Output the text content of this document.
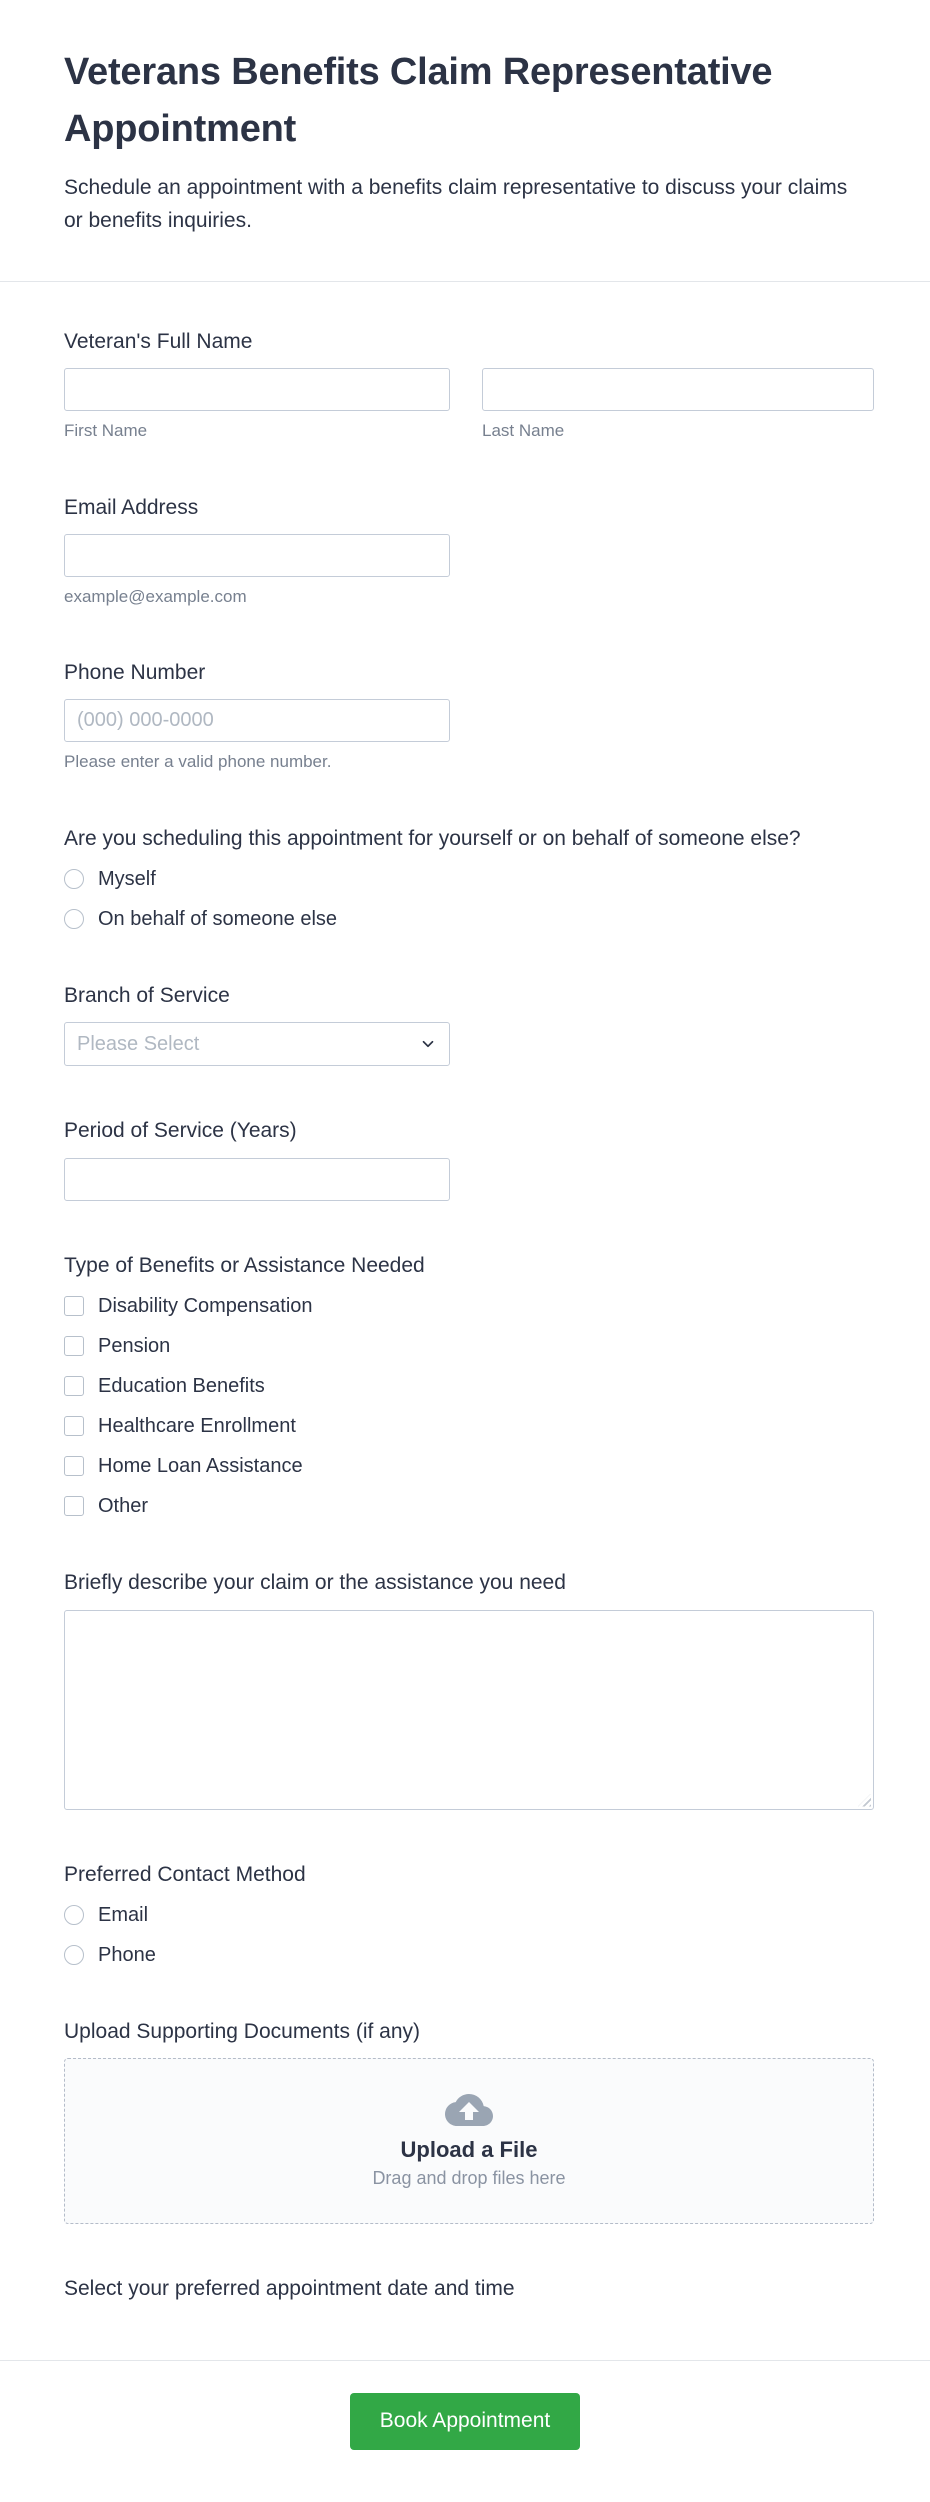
Veterans Benefits Claim Representative Appointment
Schedule an appointment with a benefits claim representative to discuss your claims or benefits inquiries.
Veteran's Full Name
First Name	Last Name
Email Address
example@example.com
Phone Number
(000) 000-0000
Please enter a valid phone number.
Are you scheduling this appointment for yourself or on behalf of someone else?
Myself
On behalf of someone else
Branch of Service
Please Select
Period of Service (Years)
Type of Benefits or Assistance Needed
Disability Compensation
Pension
Education Benefits
Healthcare Enrollment
Home Loan Assistance
Other
Briefly describe your claim or the assistance you need
Preferred Contact Method
Email
Phone
Upload Supporting Documents (if any)
Upload a File
Drag and drop files here
Select your preferred appointment date and time
Book Appointment
